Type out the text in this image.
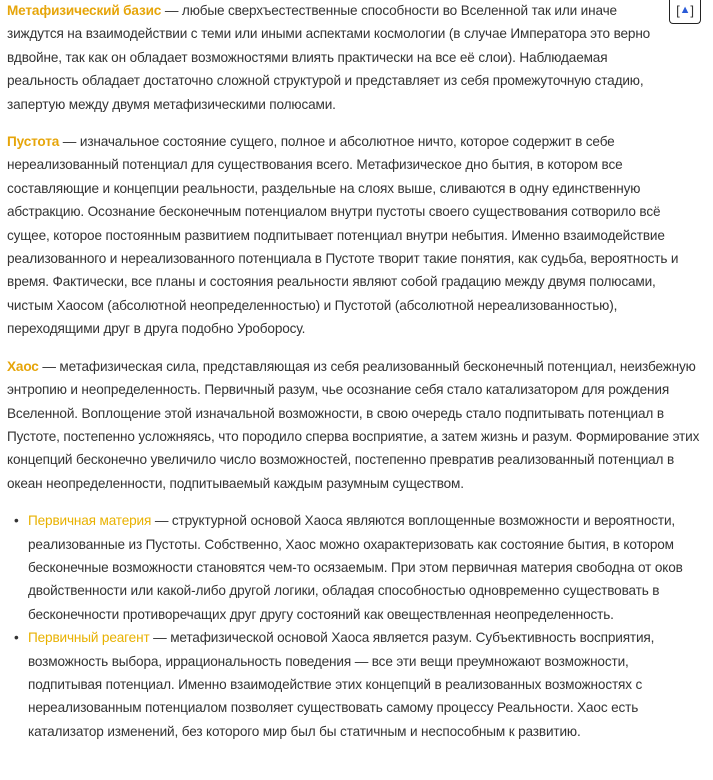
[ ▲ ]

Метафизический базис — любые сверхъестественные способности во Вселенной так или иначе зиждутся на взаимодействии с теми или иными аспектами космологии (в случае Императора это верно вдвойне, так как он обладает возможностями влиять практически на все её слои). Наблюдаемая реальность обладает достаточно сложной структурой и представляет из себя промежуточную стадию, запертую между двумя метафизическими полюсами.

Пустота — изначальное состояние сущего, полное и абсолютное ничто, которое содержит в себе нереализованный потенциал для существования всего. Метафизическое дно бытия, в котором все составляющие и концепции реальности, раздельные на слоях выше, сливаются в одну единственную абстракцию. Осознание бесконечным потенциалом внутри пустоты своего существования сотворило всё сущее, которое постоянным развитием подпитывает потенциал внутри небытия. Именно взаимодействие реализованного и нереализованного потенциала в Пустоте творит такие понятия, как судьба, вероятность и время. Фактически, все планы и состояния реальности являют собой градацию между двумя полюсами, чистым Хаосом (абсолютной неопределенностью) и Пустотой (абсолютной нереализованностью), переходящими друг в друга подобно Уроборосу.

Хаос — метафизическая сила, представляющая из себя реализованный бесконечный потенциал, неизбежную энтропию и неопределенность. Первичный разум, чье осознание себя стало катализатором для рождения Вселенной. Воплощение этой изначальной возможности, в свою очередь стало подпитывать потенциал в Пустоте, постепенно усложняясь, что породило сперва восприятие, а затем жизнь и разум. Формирование этих концепций бесконечно увеличило число возможностей, постепенно превратив реализованный потенциал в океан неопределенности, подпитываемый каждым разумным существом.

• Первичная материя — структурной основой Хаоса являются воплощенные возможности и вероятности, реализованные из Пустоты. Собственно, Хаос можно охарактеризовать как состояние бытия, в котором бесконечные возможности становятся чем-то осязаемым. При этом первичная материя свободна от оков двойственности или какой-либо другой логики, обладая способностью одновременно существовать в бесконечности противоречащих друг другу состояний как овеществленная неопределенность.
• Первичный реагент — метафизической основой Хаоса является разум. Субъективность восприятия, возможность выбора, иррациональность поведения — все эти вещи преумножают возможности, подпитывая потенциал. Именно взаимодействие этих концепций в реализованных возможностях с нереализованным потенциалом позволяет существовать самому процессу Реальности. Хаос есть катализатор изменений, без которого мир был бы статичным и неспособным к развитию.
